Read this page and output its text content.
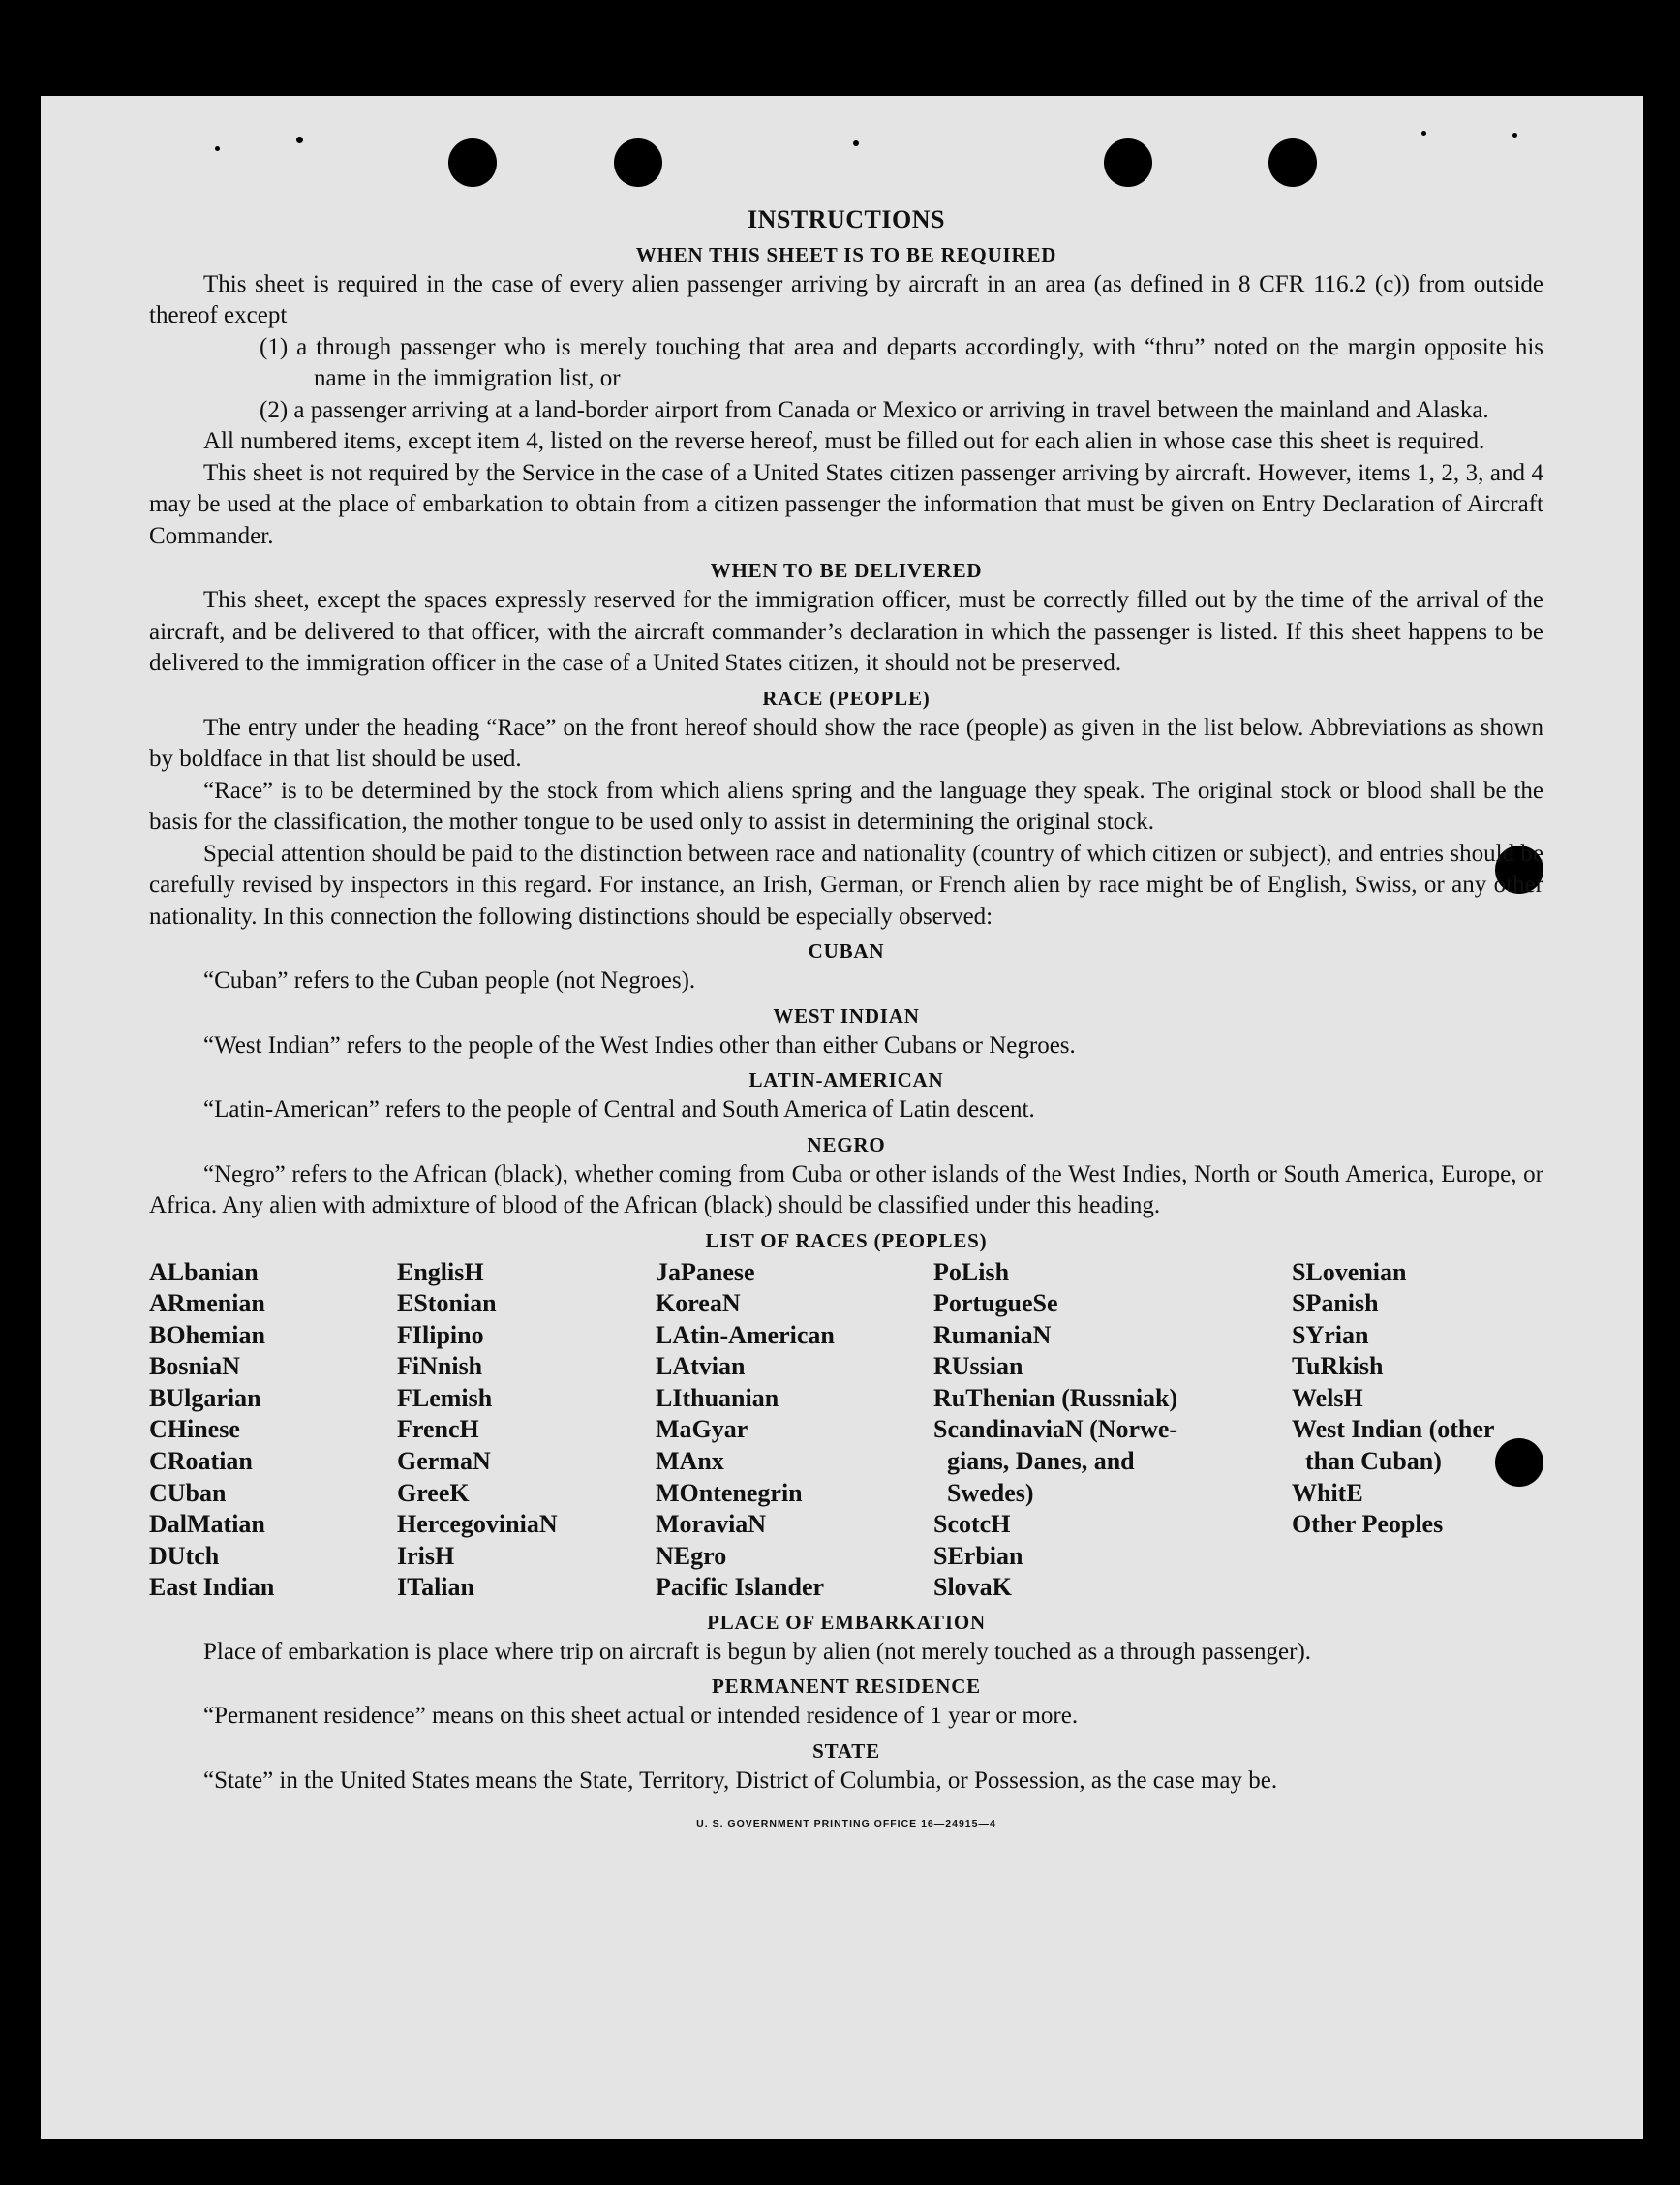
INSTRUCTIONS
WHEN THIS SHEET IS TO BE REQUIRED

This sheet is required in the case of every alien passenger arriving by aircraft in an area (as defined in 8 CFR 116.2 (c)) from outside thereof except

(1) a through passenger who is merely touching that area and departs accordingly, with “thru” noted on the margin opposite his name in the immigration list, or

(2) a passenger arriving at a land-border airport from Canada or Mexico or arriving in travel between the mainland and Alaska.

All numbered items, except item 4, listed on the reverse hereof, must be filled out for each alien in whose case this sheet is required.

This sheet is not required by the Service in the case of a United States citizen passenger arriving by aircraft. However, items 1, 2, 3, and 4 may be used at the place of embarkation to obtain from a citizen passenger the information that must be given on Entry Declaration of Aircraft Commander.

WHEN TO BE DELIVERED

This sheet, except the spaces expressly reserved for the immigration officer, must be correctly filled out by the time of the arrival of the aircraft, and be delivered to that officer, with the aircraft commander’s declaration in which the passenger is listed. If this sheet happens to be delivered to the immigration officer in the case of a United States citizen, it should not be preserved.

RACE (PEOPLE)

The entry under the heading “Race” on the front hereof should show the race (people) as given in the list below. Abbreviations as shown by boldface in that list should be used.

“Race” is to be determined by the stock from which aliens spring and the language they speak. The original stock or blood shall be the basis for the classification, the mother tongue to be used only to assist in determining the original stock.

Special attention should be paid to the distinction between race and nationality (country of which citizen or subject), and entries should be carefully revised by inspectors in this regard. For instance, an Irish, German, or French alien by race might be of English, Swiss, or any other nationality. In this connection the following distinctions should be especially observed:

CUBAN

“Cuban” refers to the Cuban people (not Negroes).

WEST INDIAN

“West Indian” refers to the people of the West Indies other than either Cubans or Negroes.

LATIN-AMERICAN

“Latin-American” refers to the people of Central and South America of Latin descent.

NEGRO

“Negro” refers to the African (black), whether coming from Cuba or other islands of the West Indies, North or South America, Europe, or Africa. Any alien with admixture of blood of the African (black) should be classified under this heading.

LIST OF RACES (PEOPLES)
ALbanian
ARmenian
BOhemian
BosniaN
BUlgarian
CHinese
CRoatian
CUban
DalMatian
DUtch
East Indian
EnglisH
EStonian
FIlipino
FiNnish
FLemish
FrencH
GermaN
GreeK
HercegoviniaN
IrisH
ITalian
JaPanese
KoreaN
LAtin-American
LAtvian
LIthuanian
MaGyar
MAnx
MOntenegrin
MoraviaN
NEgro
Pacific Islander
PoLish
PortugueSe
RumaniaN
RUssian
RuThenian (Russniak)
ScandinaviaN (Norwe-
gians, Danes, and
Swedes)
ScotcH
SErbian
SlovaK
SLovenian
SPanish
SYrian
TuRkish
WelsH
West Indian (other
than Cuban)
WhitE
Other Peoples
PLACE OF EMBARKATION

Place of embarkation is place where trip on aircraft is begun by alien (not merely touched as a through passenger).

PERMANENT RESIDENCE

“Permanent residence” means on this sheet actual or intended residence of 1 year or more.

STATE

“State” in the United States means the State, Territory, District of Columbia, or Possession, as the case may be.

U. S. GOVERNMENT PRINTING OFFICE 16—24915—4
